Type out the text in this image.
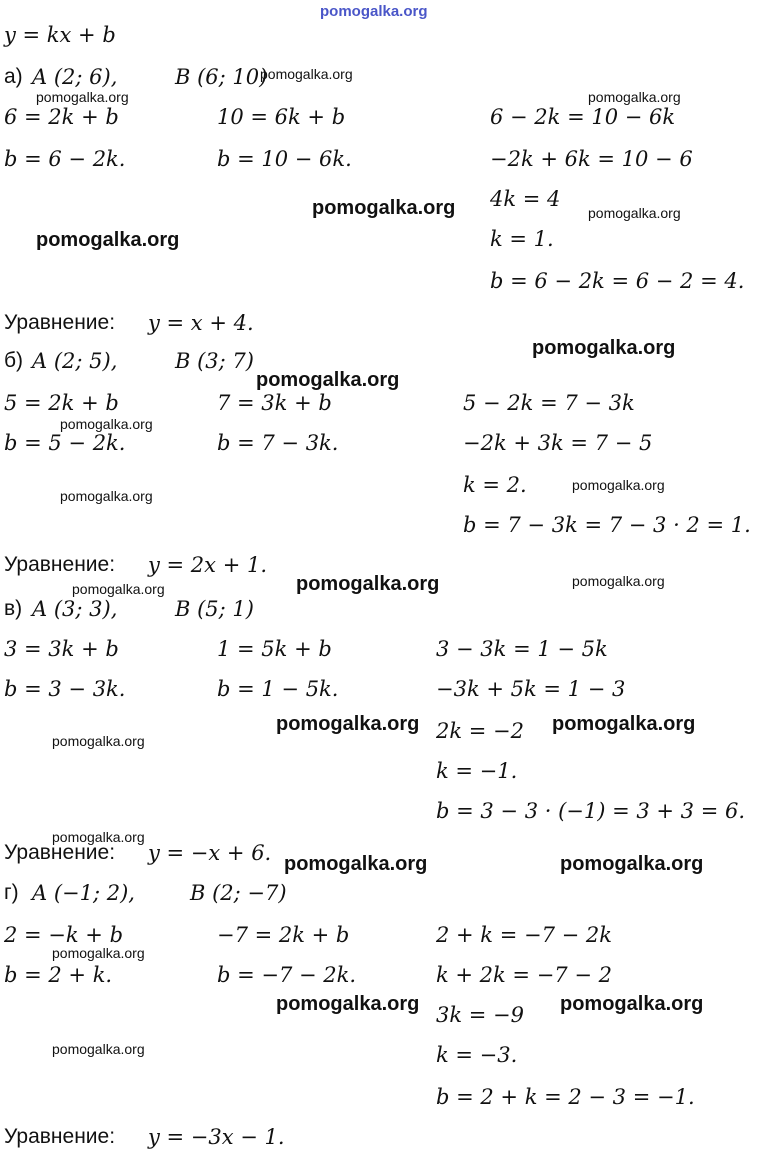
pomogalka.org
y = kx + b
а) A (2; 6),	B (6; 10)
6 = 2k + b
b = 6 − 2k.
10 = 6k + b
b = 10 − 6k.
6 − 2k = 10 − 6k
−2k + 6k = 10 − 6
4k = 4
k = 1.
b = 6 − 2k = 6 − 2 = 4.
Уравнение: y = x + 4.
б) A (2; 5),	B (3; 7)
5 = 2k + b
b = 5 − 2k.
7 = 3k + b
b = 7 − 3k.
5 − 2k = 7 − 3k
−2k + 3k = 7 − 5
k = 2.
b = 7 − 3k = 7 − 3 · 2 = 1.
Уравнение: y = 2x + 1.
в) A (3; 3),	B (5; 1)
3 = 3k + b
b = 3 − 3k.
1 = 5k + b
b = 1 − 5k.
3 − 3k = 1 − 5k
−3k + 5k = 1 − 3
2k = −2
k = −1.
b = 3 − 3 · (−1) = 3 + 3 = 6.
Уравнение: y = −x + 6.
г) A (−1; 2),	B (2; −7)
2 = −k + b
b = 2 + k.
−7 = 2k + b
b = −7 − 2k.
2 + k = −7 − 2k
k + 2k = −7 − 2
3k = −9
k = −3.
b = 2 + k = 2 − 3 = −1.
Уравнение: y = −3x − 1.
pomogalka.org
pomogalka.org	pomogalka.org
pomogalka.org	pomogalka.org
pomogalka.org
pomogalka.org
pomogalka.org
pomogalka.org
pomogalka.org
pomogalka.org
pomogalka.org	pomogalka.org
pomogalka.org
pomogalka.org	pomogalka.org
pomogalka.org
pomogalka.org
pomogalka.org	pomogalka.org
pomogalka.org
pomogalka.org	pomogalka.org
pomogalka.org
